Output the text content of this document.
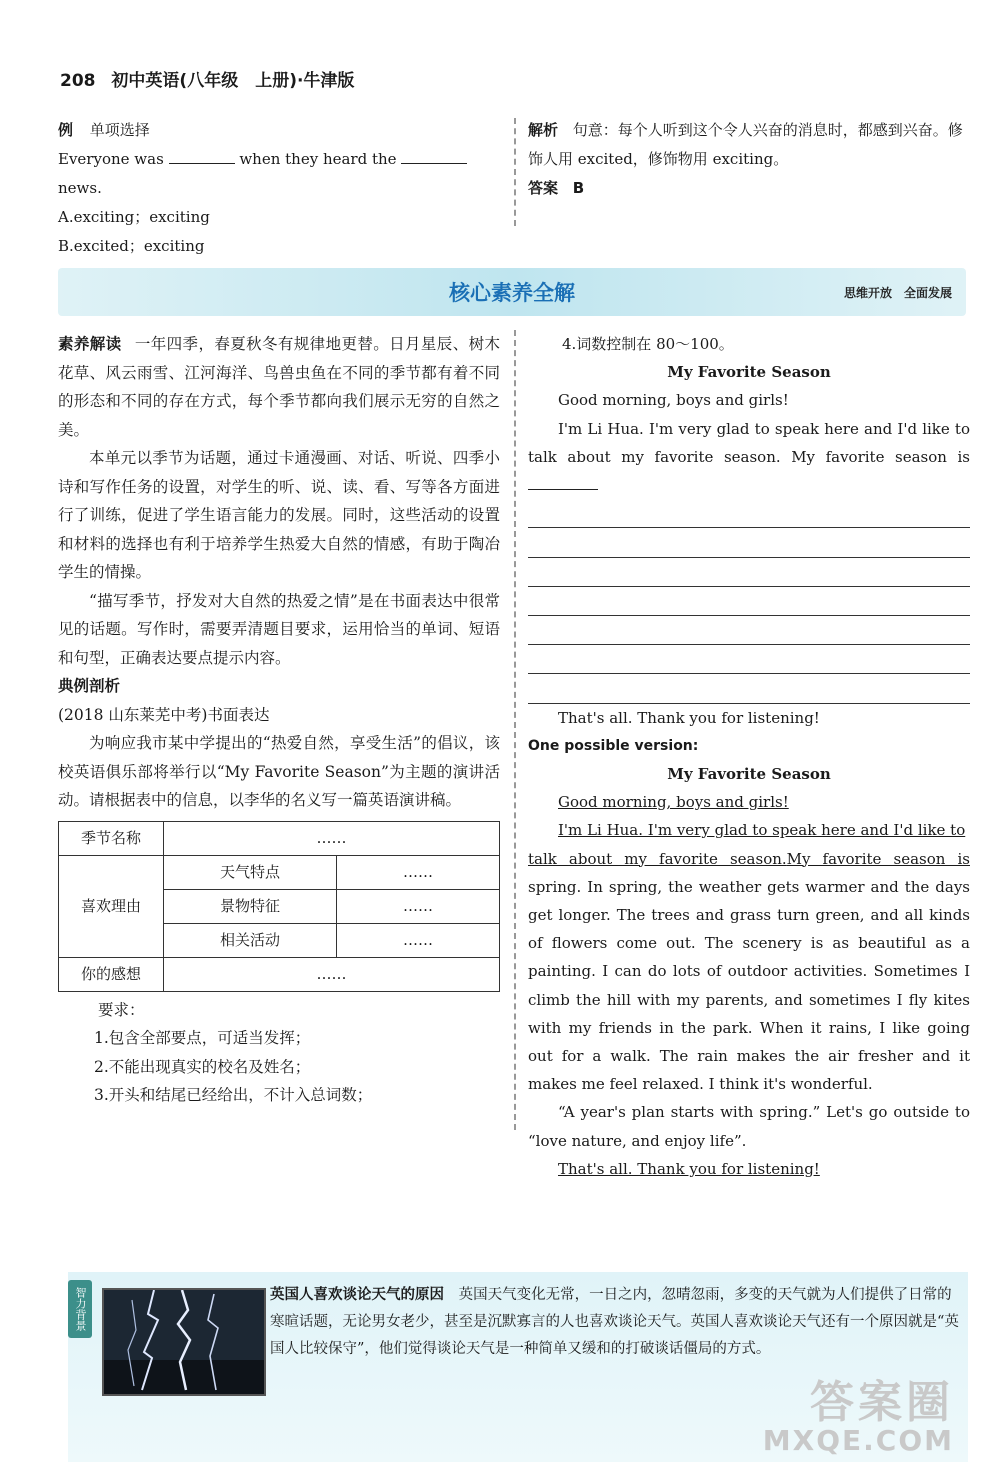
208 初中英语(八年级　上册)·牛津版
例 单项选择
Everyone was	when they heard the  news.
A.exciting；excitingB.excited；exciting
解析 句意：每个人听到这个令人兴奋的消息时，都感到兴奋。修饰人用 excited，修饰物用 exciting。
答案 B
核心素养全解	思维开放　全面发展

素养解读 一年四季，春夏秋冬有规律地更替。日月星辰、树木花草、风云雨雪、江河海洋、鸟兽虫鱼在不同的季节都有着不同的形态和不同的存在方式，每个季节都向我们展示无穷的自然之美。

本单元以季节为话题，通过卡通漫画、对话、听说、四季小诗和写作任务的设置，对学生的听、说、读、看、写等各方面进行了训练，促进了学生语言能力的发展。同时，这些活动的设置和材料的选择也有利于培养学生热爱大自然的情感，有助于陶冶学生的情操。

“描写季节，抒发对大自然的热爱之情”是在书面表达中很常见的话题。写作时，需要弄清题目要求，运用恰当的单词、短语和句型，正确表达要点提示内容。

典例剖析

(2018 山东莱芜中考)书面表达

为响应我市某中学提出的“热爱自然，享受生活”的倡议，该校英语俱乐部将举行以“My Favorite Season”为主题的演讲活动。请根据表中的信息，以李华的名义写一篇英语演讲稿。

季节名称	……	
喜欢理由	天气特点	……
	景物特征	……
	相关活动	……
你的感想	……	

要求：

1.包含全部要点，可适当发挥；

2.不能出现真实的校名及姓名；

3.开头和结尾已经给出，不计入总词数；

4.词数控制在 80～100。

My Favorite Season

Good morning, boys and girls!

I'm Li Hua. I'm very glad to speak here and I'd like to talk about my favorite season. My favorite season is

That's all. Thank you for listening!

One possible version:

My Favorite Season

Good morning, boys and girls!

I'm Li Hua. I'm very glad to speak here and I'd like to

talk about my favorite season.My favorite season is spring. In spring, the weather gets warmer and the days get longer. The trees and grass turn green, and all kinds of flowers come out. The scenery is as beautiful as a painting. I can do lots of outdoor activities. Sometimes I climb the hill with my parents, and sometimes I fly kites with my friends in the park. When it rains, I like going out for a walk. The rain makes the air fresher and it makes me feel relaxed. I think it's wonderful.

“A year's plan starts with spring.” Let's go outside to “love nature, and enjoy life”.

That's all. Thank you for listening!

智力背景	英国人喜欢谈论天气的原因 英国天气变化无常，一日之内，忽晴忽雨，多变的天气就为人们提供了日常的寒暄话题，无论男女老少，甚至是沉默寡言的人也喜欢谈论天气。英国人喜欢谈论天气还有一个原因就是“英国人比较保守”，他们觉得谈论天气是一种简单又缓和的打破谈话僵局的方式。
答案圈
MXQE.COM
